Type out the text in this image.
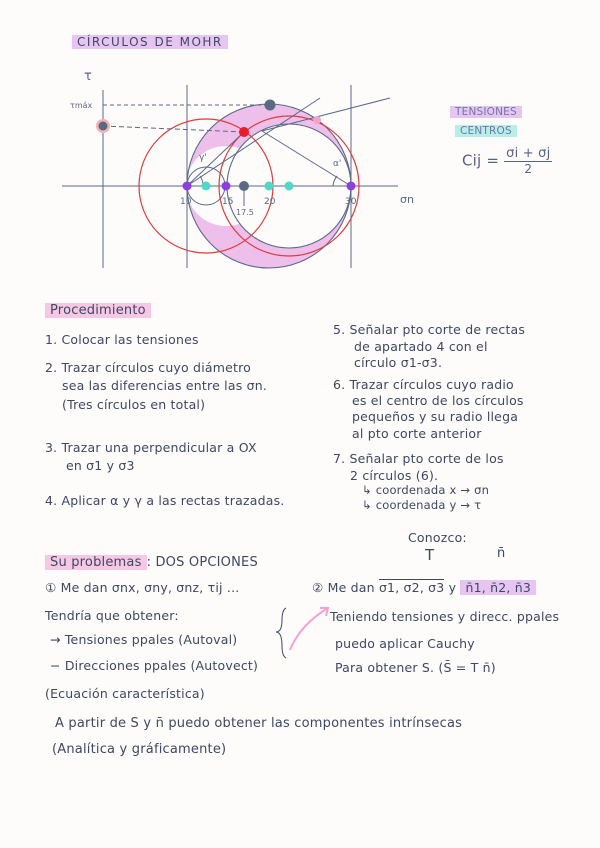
CÍRCULOS DE MOHR
TENSIONES
CENTROS
Cij = $\frac{\sigma i + \sigma j}{2}$
τ
σn
γ'
α'
10	15	20	30
17.5
τmáx
Procedimiento
1. Colocar las tensiones
2. Trazar círculos cuyo diámetro
sea las diferencias entre las σn.
(Tres círculos en total)
3. Trazar una perpendicular a OX
en σ1 y σ3
4. Aplicar α y γ a las rectas trazadas.
5. Señalar pto corte de rectas
de apartado 4 con el
círculo σ1-σ3.
6. Trazar círculos cuyo radio
es el centro de los círculos
pequeños y su radio llega
al pto corte anterior
7. Señalar pto corte de los
2 círculos (6).
↳ coordenada x → σn
↳ coordenada y → τ
Conozco:
T	n̄
Su problemas : DOS OPCIONES
① Me dan σnx, σny, σnz, τij ...	② Me dan σ1, σ2, σ3 y n̄1, n̄2, n̄3
Tendría que obtener:
→ Tensiones ppales (Autoval)
− Direcciones ppales (Autovect)
(Ecuación característica)
Teniendo tensiones y direcc. ppales
puedo aplicar Cauchy
Para obtener S. (S̄ = T n̄)
A partir de S y n̄ puedo obtener las componentes intrínsecas
(Analítica y gráficamente)
